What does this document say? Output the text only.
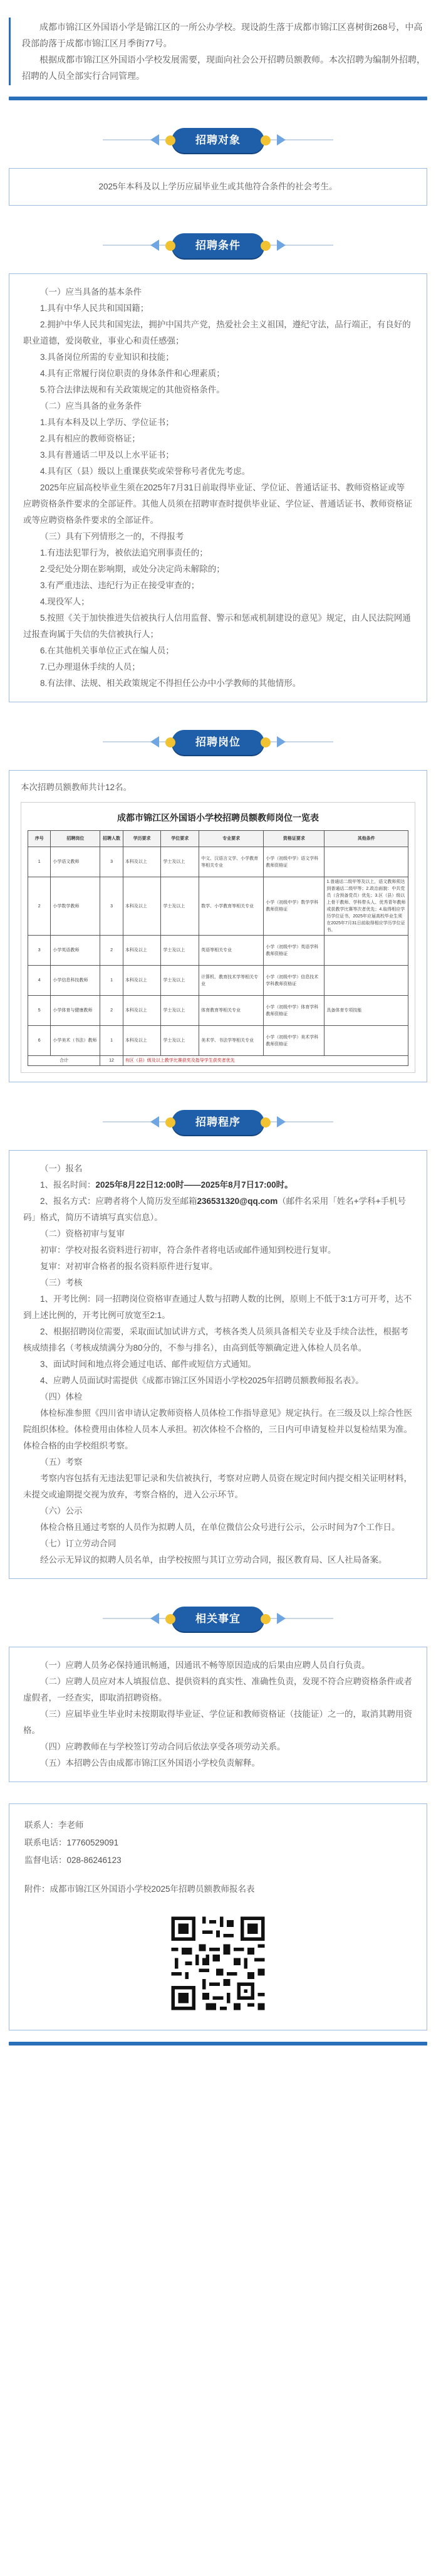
成都市锦江区外国语小学是锦江区的一所公办学校。现设韵生落于成都市锦江区喜树街268号，中高段部韵落于成都市锦江区月季街77号。

根据成都市锦江区外国语小学校发展需要，现面向社会公开招聘员额教师。本次招聘为编制外招聘，招聘的人员全部实行合同管理。

招聘对象

2025年本科及以上学历应届毕业生或其他符合条件的社会考生。

招聘条件

（一）应当具备的基本条件

1.具有中华人民共和国国籍；

2.拥护中华人民共和国宪法，拥护中国共产党，热爱社会主义祖国，遵纪守法，品行端正，有良好的职业道德，爱岗敬业，事业心和责任感强；

3.具备岗位所需的专业知识和技能；

4.具有正常履行岗位职责的身体条件和心理素质；

5.符合法律法规和有关政策规定的其他资格条件。

（二）应当具备的业务条件

1.具有本科及以上学历、学位证书；

2.具有相应的教师资格证；

3.具有普通话二甲及以上水平证书；

4.具有区（县）级以上重课获奖或荣誉称号者优先考虑。

2025年应届高校毕业生须在2025年7月31日前取得毕业证、学位证、普通话证书、教师资格证或等应聘资格条件要求的全部证件。其他人员须在招聘审查时提供毕业证、学位证、普通话证书、教师资格证或等应聘资格条件要求的全部证件。

（三）具有下列情形之一的，不得报考

1.有违法犯罪行为，被依法追究刑事责任的；

2.受纪处分期在影响期，或处分决定尚未解除的；

3.有严重违法、违纪行为正在接受审查的；

4.现役军人；

5.按照《关于加快推进失信被执行人信用监督、警示和惩戒机制建设的意见》规定，由人民法院网通过报查询属于失信的失信被执行人；

6.在其他机关事单位正式在编人员；

7.已办理退休手续的人员；

8.有法律、法规、相关政策规定不得担任公办中小学教师的其他情形。

招聘岗位

本次招聘员额教师共计12名。

成都市锦江区外国语小学校招聘员额教师岗位一览表
序号	招聘岗位	招聘人数	学历要求	学位要求	专业要求	资格证要求	其他条件
1	小学语文教师	3	本科及以上	学士及以上	中文、汉语言文学、小学教育等相关专业	小学（初级中学）语文学科教师资格证	
2	小学数学教师	3	本科及以上	学士及以上	数学、小学教育等相关专业	小学（初级中学）数学学科教师资格证	1.普通话二级甲等及以上，语文教师须达到普通话二级甲等；2.政治面貌：中共党员（含预备党员）优先；3.区（县）级以上骨干教师、学科带头人、优秀青年教师或获教学比赛等次者优先；4.取得相应学历学位证书，2025年应届高校毕业生须在2025年7月31日前取得相应学历学位证书。
3	小学英语教师	2	本科及以上	学士及以上	英语等相关专业	小学（初级中学）英语学科教师资格证	
4	小学信息科技教师	1	本科及以上	学士及以上	计算机、教育技术学等相关专业	小学（初级中学）信息技术学科教师资格证	
5	小学体育与健康教师	2	本科及以上	学士及以上	体育教育等相关专业	小学（初级中学）体育学科教师资格证	具备体育专项技能
6	小学美术（书法）教师	1	本科及以上	学士及以上	美术学、书法学等相关专业	小学（初级中学）美术学科教师资格证	
合计		12	有区（县）级及以上教学比赛获奖及指导学生获奖者优先				
招聘程序

（一）报名

1、报名时间：2025年8月22日12:00时——2025年8月7日17:00时。

2、报名方式：应聘者将个人简历发至邮箱236531320@qq.com（邮件名采用「姓名+学科+手机号码」格式，简历不请填写真实信息）。

（二）资格初审与复审

初审：学校对报名资料进行初审，符合条件者将电话或邮件通知到校进行复审。

复审：对初审合格者的报名资料原件进行复审。

（三）考核

1、开考比例：同一招聘岗位资格审查通过人数与招聘人数的比例，原则上不低于3:1方可开考，达不到上述比例的，开考比例可放宽至2:1。

2、根据招聘岗位需要，采取面试加试讲方式，考核各类人员须具备相关专业及手续合法性，根据考核成绩排名（考核成绩满分为80分的，不参与排名），由高到低等额确定进入体检人员名单。

3、面试时间和地点将会通过电话、邮件或短信方式通知。

4、应聘人员面试时需提供《成都市锦江区外国语小学校2025年招聘员额教师报名表》。

（四）体检

体检标准参照《四川省申请认定教师资格人员体检工作指导意见》规定执行。在三级及以上综合性医院组织体检。体检费用由体检人员本人承担。初次体检不合格的，三日内可申请复检并以复检结果为准。体检合格的由学校组织考察。

（五）考察

考察内容包括有无违法犯罪记录和失信被执行，考察对应聘人员资在规定时间内提交相关证明材料，未提交或逾期提交视为放弃，考察合格的，进入公示环节。

（六）公示

体检合格且通过考察的人员作为拟聘人员，在单位微信公众号进行公示，公示时间为7个工作日。

（七）订立劳动合同

经公示无异议的拟聘人员名单，由学校按照与其订立劳动合同，报区教育局、区人社局备案。

相关事宜

（一）应聘人员务必保持通讯畅通，因通讯不畅等原因造成的后果由应聘人员自行负责。

（二）应聘人员应对本人填报信息、提供资料的真实性、准确性负责，发现不符合应聘资格条件或者虚假者，一经查实，即取消招聘资格。

（三）应届毕业生毕业时未按期取得毕业证、学位证和教师资格证（技能证）之一的，取消其聘用资格。

（四）应聘教师在与学校签订劳动合同后依法享受各项劳动关系。

（五）本招聘公告由成都市锦江区外国语小学校负责解释。

联系人：李老师

联系电话：17760529091

监督电话：028-86246123

附件：成都市锦江区外国语小学校2025年招聘员额教师报名表
